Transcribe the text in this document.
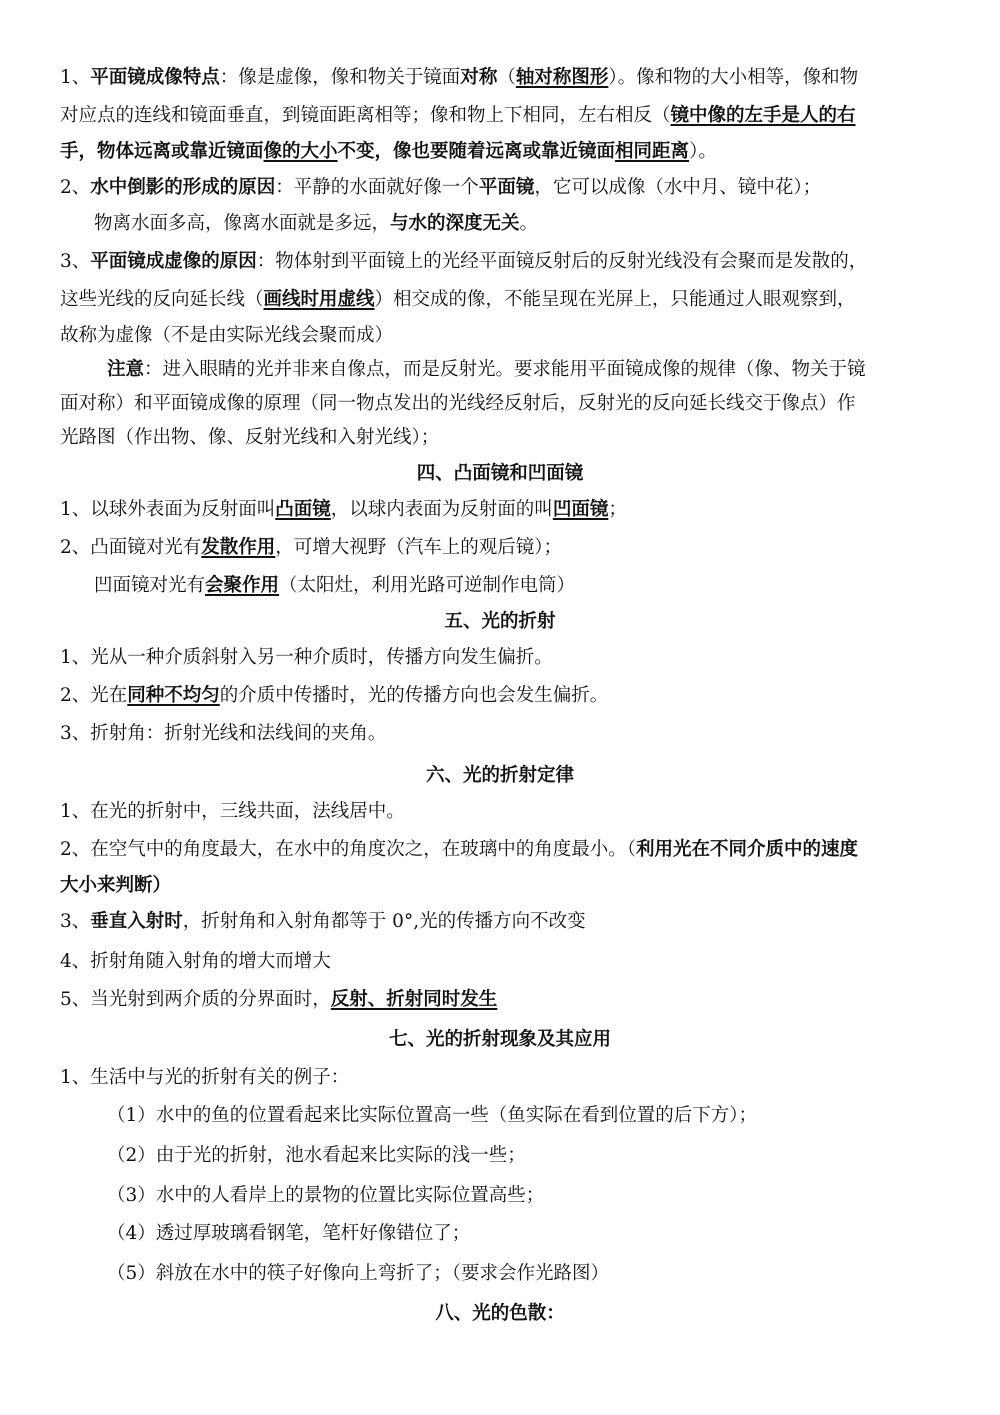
1、平面镜成像特点：像是虚像，像和物关于镜面对称（轴对称图形）。像和物的大小相等，像和物
对应点的连线和镜面垂直，到镜面距离相等；像和物上下相同，左右相反（镜中像的左手是人的右
手，物体远离或靠近镜面像的大小不变，像也要随着远离或靠近镜面相同距离）。
2、水中倒影的形成的原因：平静的水面就好像一个平面镜，它可以成像（水中月、镜中花）；
物离水面多高，像离水面就是多远，与水的深度无关。
3、平面镜成虚像的原因：物体射到平面镜上的光经平面镜反射后的反射光线没有会聚而是发散的，
这些光线的反向延长线（画线时用虚线）相交成的像，不能呈现在光屏上，只能通过人眼观察到，
故称为虚像（不是由实际光线会聚而成）
注意：进入眼睛的光并非来自像点，而是反射光。要求能用平面镜成像的规律（像、物关于镜
面对称）和平面镜成像的原理（同一物点发出的光线经反射后，反射光的反向延长线交于像点）作
光路图（作出物、像、反射光线和入射光线）；
四、凸面镜和凹面镜
1、以球外表面为反射面叫凸面镜，以球内表面为反射面的叫凹面镜；
2、凸面镜对光有发散作用，可增大视野（汽车上的观后镜）；
凹面镜对光有会聚作用（太阳灶，利用光路可逆制作电筒）
五、光的折射
1、光从一种介质斜射入另一种介质时，传播方向发生偏折。
2、光在同种不均匀的介质中传播时，光的传播方向也会发生偏折。
3、折射角：折射光线和法线间的夹角。
六、光的折射定律
1、在光的折射中，三线共面，法线居中。
2、在空气中的角度最大，在水中的角度次之，在玻璃中的角度最小。（利用光在不同介质中的速度
大小来判断）
3、垂直入射时，折射角和入射角都等于 0°,光的传播方向不改变
4、折射角随入射角的增大而增大
5、当光射到两介质的分界面时，反射、折射同时发生
七、光的折射现象及其应用
1、生活中与光的折射有关的例子：
（1）水中的鱼的位置看起来比实际位置高一些（鱼实际在看到位置的后下方）；
（2）由于光的折射，池水看起来比实际的浅一些；
（3）水中的人看岸上的景物的位置比实际位置高些；
（4）透过厚玻璃看钢笔，笔杆好像错位了；
（5）斜放在水中的筷子好像向上弯折了；（要求会作光路图）
八、光的色散：
